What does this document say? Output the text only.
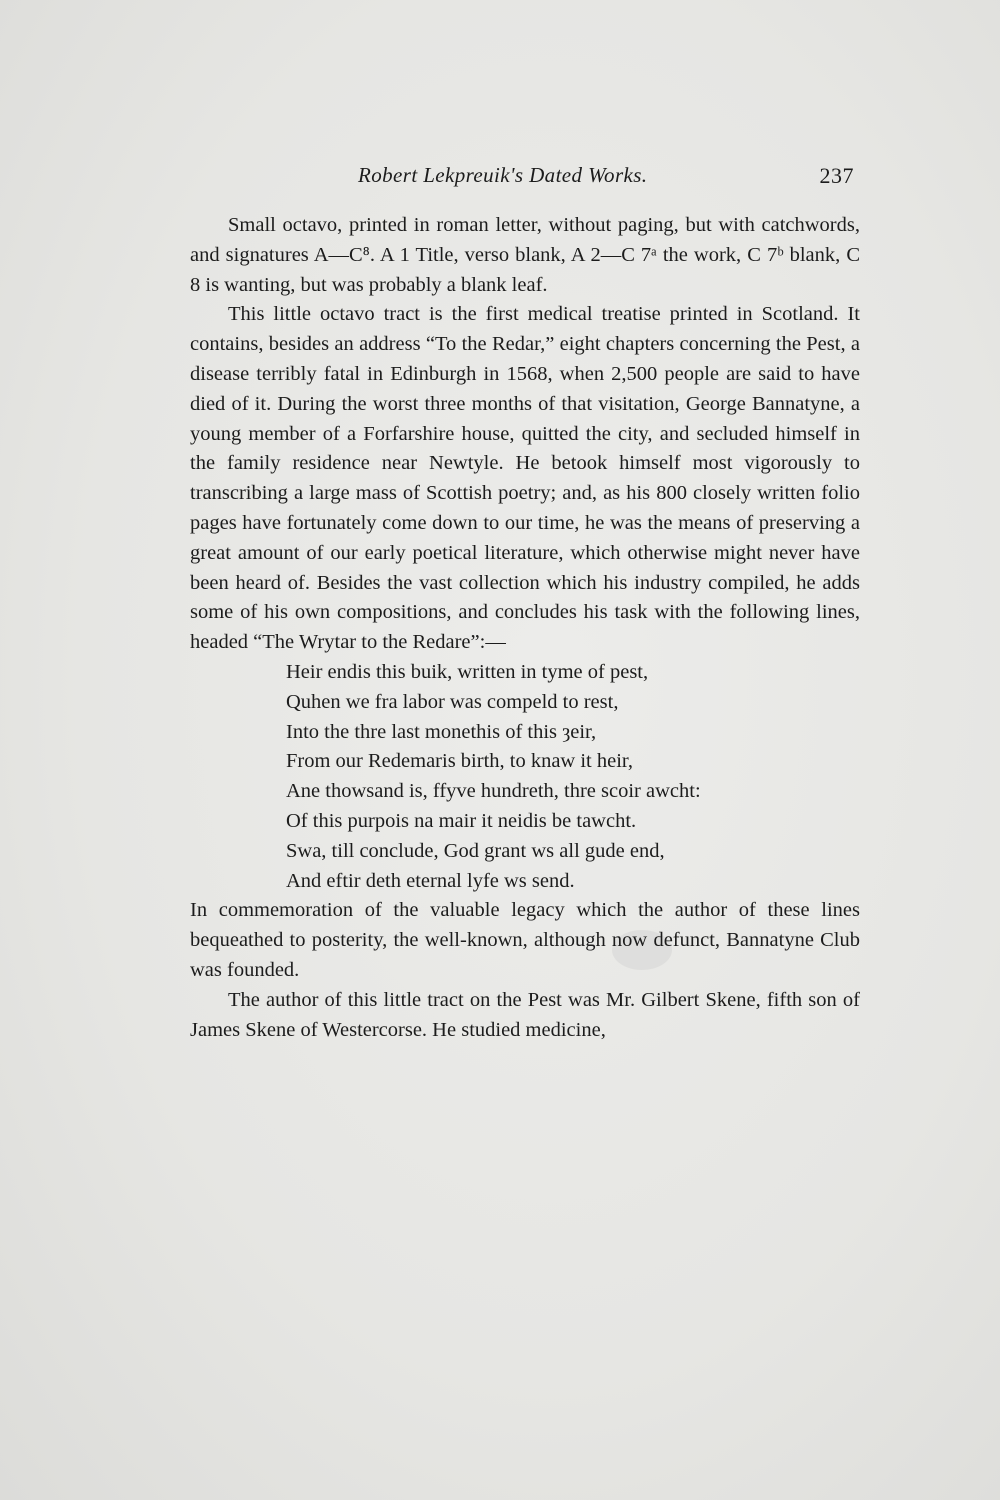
Robert Lekpreuik's Dated Works.	237

Small octavo, printed in roman letter, without paging, but with catchwords, and signatures A—C⁸. A 1 Title, verso blank, A 2—C 7ᵃ the work, C 7ᵇ blank, C 8 is wanting, but was probably a blank leaf.

This little octavo tract is the first medical treatise printed in Scotland. It contains, besides an address “To the Redar,” eight chapters concerning the Pest, a disease terribly fatal in Edinburgh in 1568, when 2,500 people are said to have died of it. During the worst three months of that visitation, George Bannatyne, a young member of a Forfarshire house, quitted the city, and secluded himself in the family residence near Newtyle. He betook himself most vigorously to transcribing a large mass of Scottish poetry; and, as his 800 closely written folio pages have fortunately come down to our time, he was the means of preserving a great amount of our early poetical literature, which otherwise might never have been heard of. Besides the vast collection which his industry compiled, he adds some of his own compositions, and concludes his task with the following lines, headed “The Wrytar to the Redare”:—

Heir endis this buik, written in tyme of pest,
Quhen we fra labor was compeld to rest,
Into the thre last monethis of this ȝeir,
From our Redemaris birth, to knaw it heir,
Ane thowsand is, ffyve hundreth, thre scoir awcht:
Of this purpois na mair it neidis be tawcht.
Swa, till conclude, God grant ws all gude end,
And eftir deth eternal lyfe ws send.

In commemoration of the valuable legacy which the author of these lines bequeathed to posterity, the well-known, although now defunct, Bannatyne Club was founded.

The author of this little tract on the Pest was Mr. Gilbert Skene, fifth son of James Skene of Westercorse. He studied medicine,
